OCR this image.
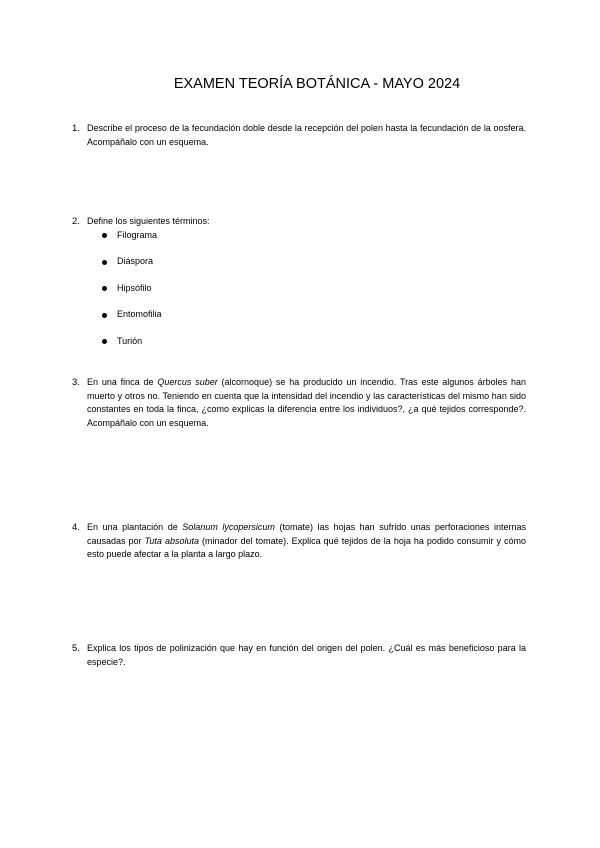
EXAMEN TEORÍA BOTÁNICA - MAYO 2024
1. Describe el proceso de la fecundación doble desde la recepción del polen hasta la fecundación de la oosfera. Acompáñalo con un esquema.
2. Define los siguientes términos:
Filograma
Diáspora
Hipsófilo
Entomofilia
Turión
3. En una finca de Quercus suber (alcornoque) se ha producido un incendio. Tras este algunos árboles han muerto y otros no. Teniendo en cuenta que la intensidad del incendio y las características del mismo han sido constantes en toda la finca, ¿como explicas la diferencia entre los individuos?, ¿a qué tejidos corresponde?. Acompáñalo con un esquema.
4. En una plantación de Solanum lycopersicum (tomate) las hojas han sufrido unas perforaciones internas causadas por Tuta absoluta (minador del tomate). Explica qué tejidos de la hoja ha podido consumir y cómo esto puede afectar a la planta a largo plazo.
5. Explica los tipos de polinización que hay en función del origen del polen. ¿Cuál es más beneficioso para la especie?.
